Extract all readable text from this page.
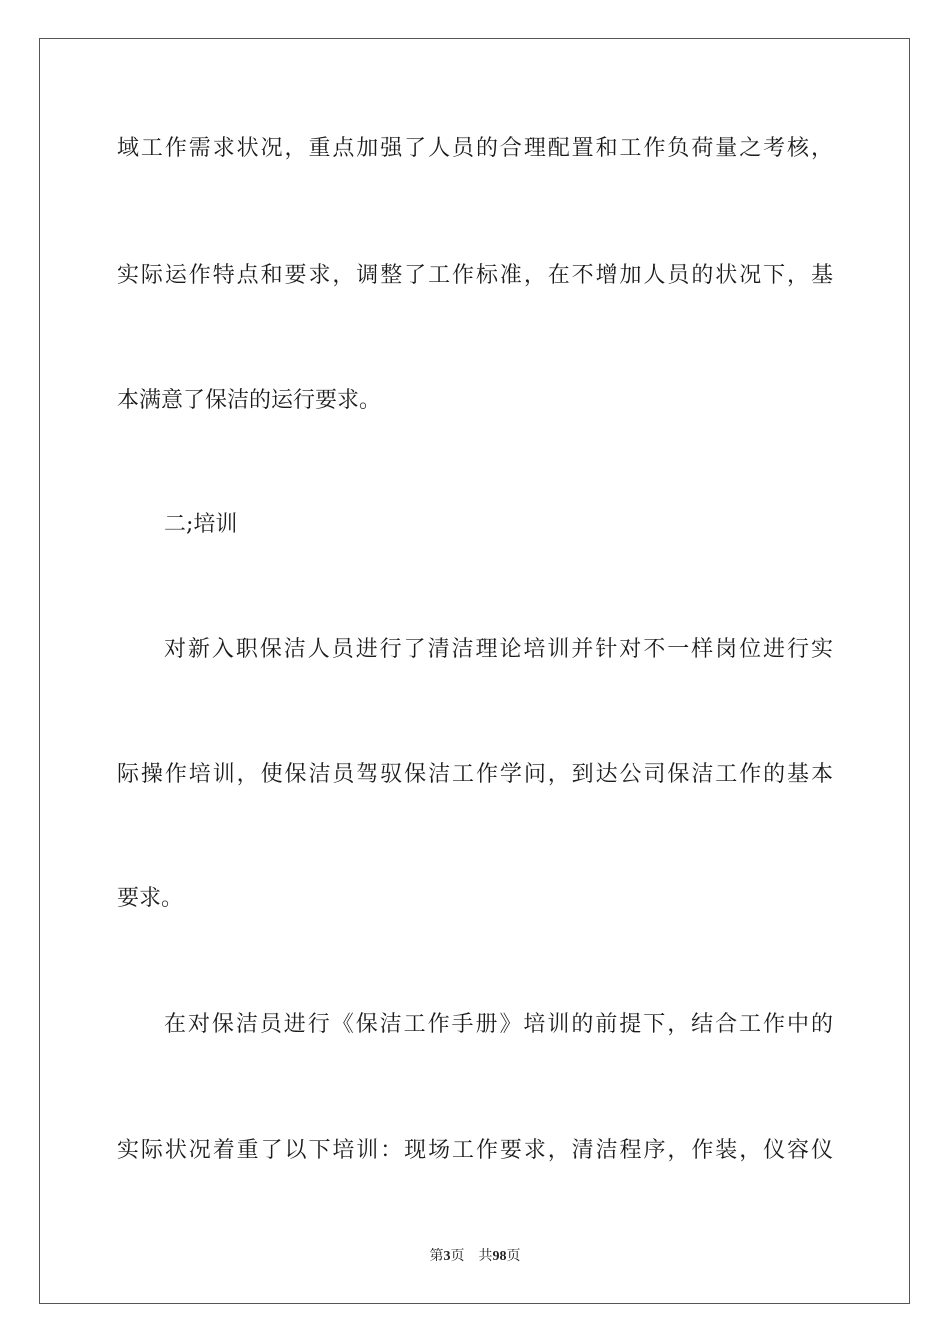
域工作需求状况，重点加强了人员的合理配置和工作负荷量之考核，
实际运作特点和要求，调整了工作标准，在不增加人员的状况下，基
本满意了保洁的运行要求。
二;培训
对新入职保洁人员进行了清洁理论培训并针对不一样岗位进行实
际操作培训，使保洁员驾驭保洁工作学问，到达公司保洁工作的基本
要求。
在对保洁员进行《保洁工作手册》培训的前提下，结合工作中的
实际状况着重了以下培训：现场工作要求，清洁程序，作装，仪容仪
第3页 共98页
